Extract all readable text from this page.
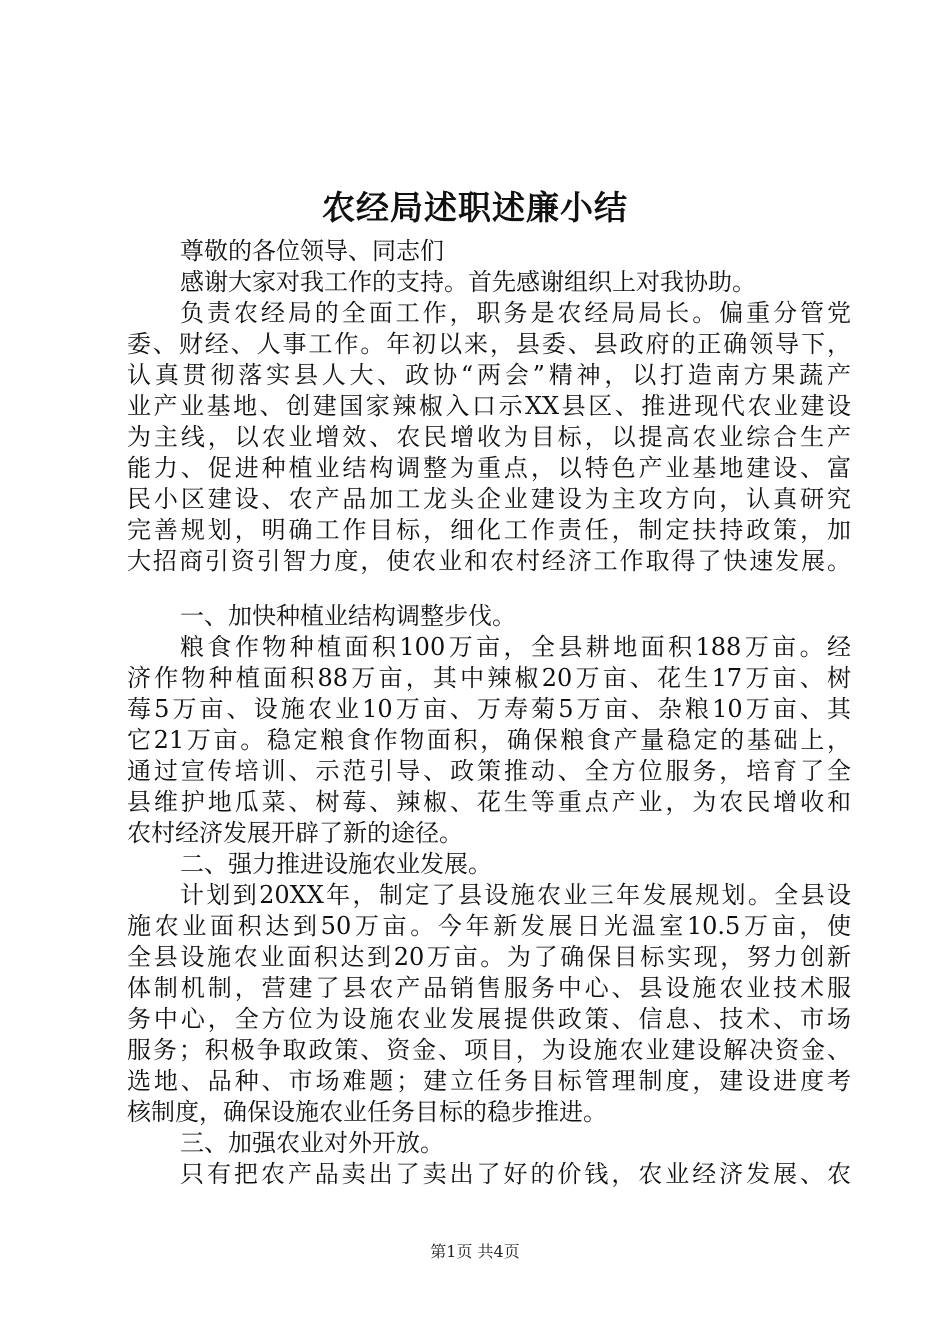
农经局述职述廉小结
尊敬的各位领导、同志们
感谢大家对我工作的支持。首先感谢组织上对我协助。
负责农经局的全面工作，职务是农经局局长。偏重分管党
委、财经、人事工作。年初以来，县委、县政府的正确领导下，
认真贯彻落实县人大、政协“两会”精神，以打造南方果蔬产
业产业基地、创建国家辣椒入口示XX县区、推进现代农业建设
为主线，以农业增效、农民增收为目标，以提高农业综合生产
能力、促进种植业结构调整为重点，以特色产业基地建设、富
民小区建设、农产品加工龙头企业建设为主攻方向，认真研究
完善规划，明确工作目标，细化工作责任，制定扶持政策，加
大招商引资引智力度，使农业和农村经济工作取得了快速发展。
一、加快种植业结构调整步伐。
粮食作物种植面积100万亩，全县耕地面积188万亩。经
济作物种植面积88万亩，其中辣椒20万亩、花生17万亩、树
莓5万亩、设施农业10万亩、万寿菊5万亩、杂粮10万亩、其
它21万亩。稳定粮食作物面积，确保粮食产量稳定的基础上，
通过宣传培训、示范引导、政策推动、全方位服务，培育了全
县维护地瓜菜、树莓、辣椒、花生等重点产业，为农民增收和
农村经济发展开辟了新的途径。
二、强力推进设施农业发展。
计划到20XX年，制定了县设施农业三年发展规划。全县设
施农业面积达到50万亩。今年新发展日光温室10.5万亩，使
全县设施农业面积达到20万亩。为了确保目标实现，努力创新
体制机制，营建了县农产品销售服务中心、县设施农业技术服
务中心，全方位为设施农业发展提供政策、信息、技术、市场
服务；积极争取政策、资金、项目，为设施农业建设解决资金、
选地、品种、市场难题；建立任务目标管理制度，建设进度考
核制度，确保设施农业任务目标的稳步推进。
三、加强农业对外开放。
只有把农产品卖出了卖出了好的价钱，农业经济发展、农
第1页 共4页
